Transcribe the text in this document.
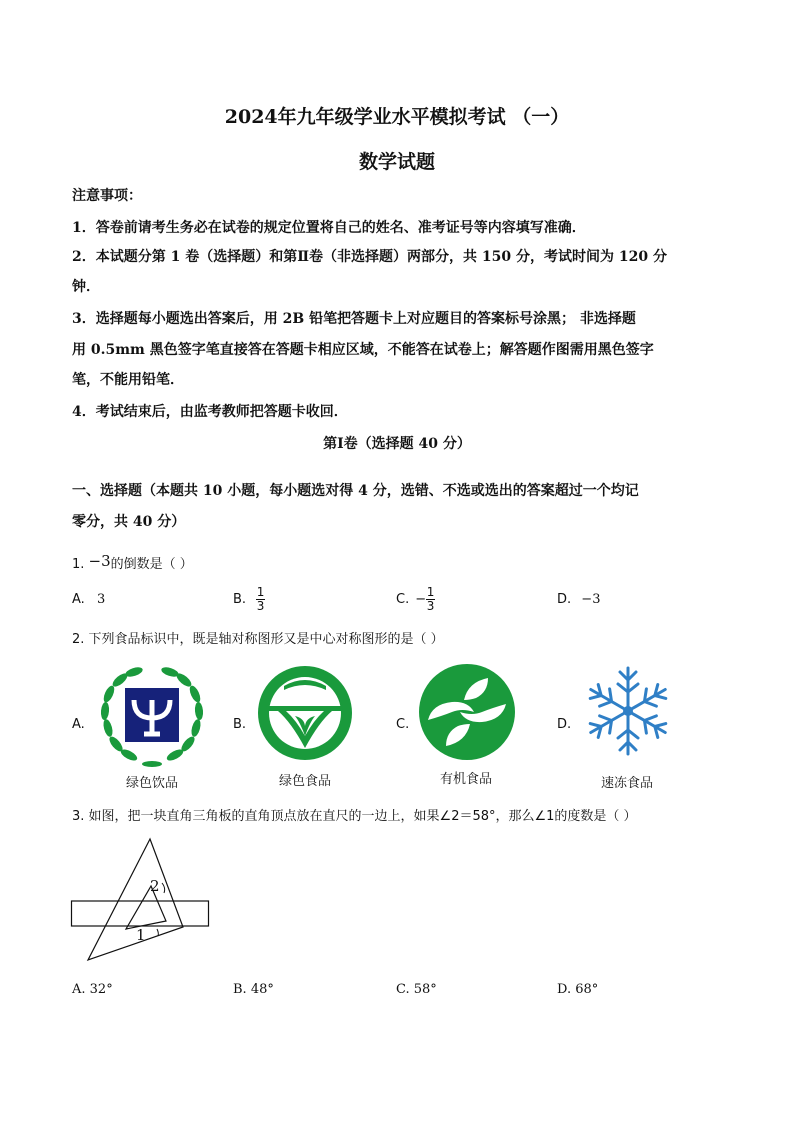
2024年九年级学业水平模拟考试 （一）
数学试题
注意事项：
1．答卷前请考生务必在试卷的规定位置将自己的姓名、准考证号等内容填写准确．
2．本试题分第 1 卷（选择题）和第Ⅱ卷（非选择题）两部分，共 150 分，考试时间为 120 分
钟．
3．选择题每小题选出答案后，用 2B 铅笔把答题卡上对应题目的答案标号涂黑； 非选择题
用 0.5mm 黑色签字笔直接答在答题卡相应区域，不能答在试卷上；解答题作图需用黑色签字
笔，不能用铅笔．
4．考试结束后，由监考教师把答题卡收回．
第Ⅰ卷（选择题 40 分）
一、选择题（本题共 10 小题，每小题选对得 4 分，选错、不选或选出的答案超过一个均记
零分，共 40 分）
1. −3的倒数是（ ）
A. 3	B. $\frac{1}{3}$	C. − $\frac{1}{3}$	D. −3
2. 下列食品标识中，既是轴对称图形又是中心对称图形的是（ ）
A.	B.	C.	D.
绿色饮品	绿色食品	有机食品	速冻食品
3. 如图，把一块直角三角板的直角顶点放在直尺的一边上，如果∠2＝58°，那么∠1的度数是（ ）
2
1
A. 32°	B. 48°	C. 58°	D. 68°
